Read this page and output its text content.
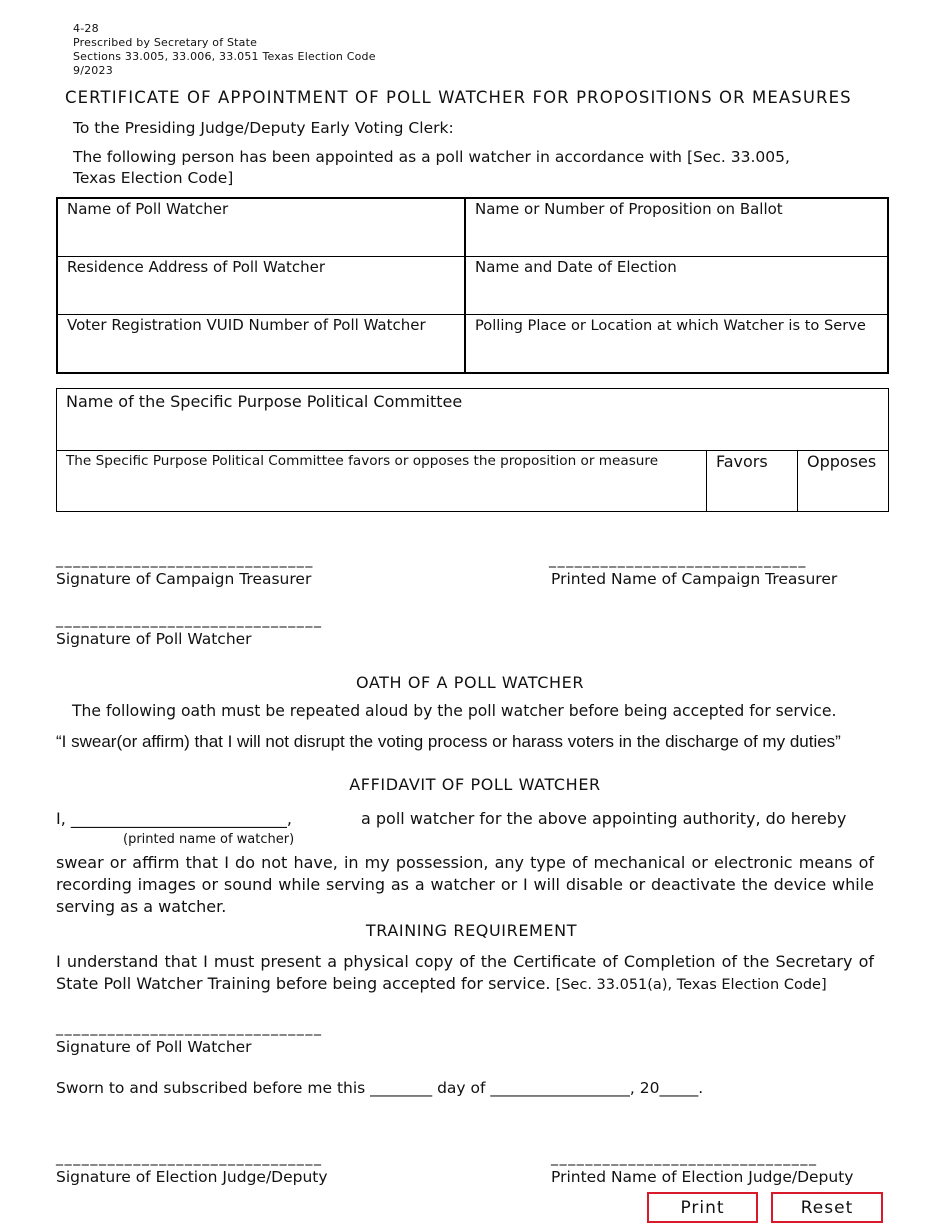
4-28
Prescribed by Secretary of State
Sections 33.005, 33.006, 33.051 Texas Election Code
9/2023
CERTIFICATE OF APPOINTMENT OF POLL WATCHER FOR PROPOSITIONS OR MEASURES
To the Presiding Judge/Deputy Early Voting Clerk:
The following person has been appointed as a poll watcher in accordance with [Sec. 33.005,
Texas Election Code]
Name of Poll Watcher	Name or Number of Proposition on Ballot
Residence Address of Poll Watcher	Name and Date of Election
Voter Registration VUID Number of Poll Watcher	Polling Place or Location at which Watcher is to Serve
Name of the Specific Purpose Political Committee
The Specific Purpose Political Committee favors or opposes the proposition or measure	Favors	Opposes
______________________________	______________________________
Signature of Campaign Treasurer	Printed Name of Campaign Treasurer
_______________________________
Signature of Poll Watcher
OATH OF A POLL WATCHER
The following oath must be repeated aloud by the poll watcher before being accepted for service.
“I swear(or affirm) that I will not disrupt the voting process or harass voters in the discharge of my duties”
AFFIDAVIT OF POLL WATCHER
I, ___________________________,	a poll watcher for the above appointing authority, do hereby
(printed name of watcher)
swear or affirm that I do not have, in my possession, any type of mechanical or electronic means of recording images or sound while serving as a watcher or I will disable or deactivate the device while serving as a watcher.
TRAINING REQUIREMENT
I understand that I must present a physical copy of the Certificate of Completion of the Secretary of State Poll Watcher Training before being accepted for service. [Sec. 33.051(a), Texas Election Code]
_______________________________
Signature of Poll Watcher
Sworn to and subscribed before me this ________ day of __________________, 20_____.
_______________________________	_______________________________
Signature of Election Judge/Deputy	Printed Name of Election Judge/Deputy
Print	Reset
